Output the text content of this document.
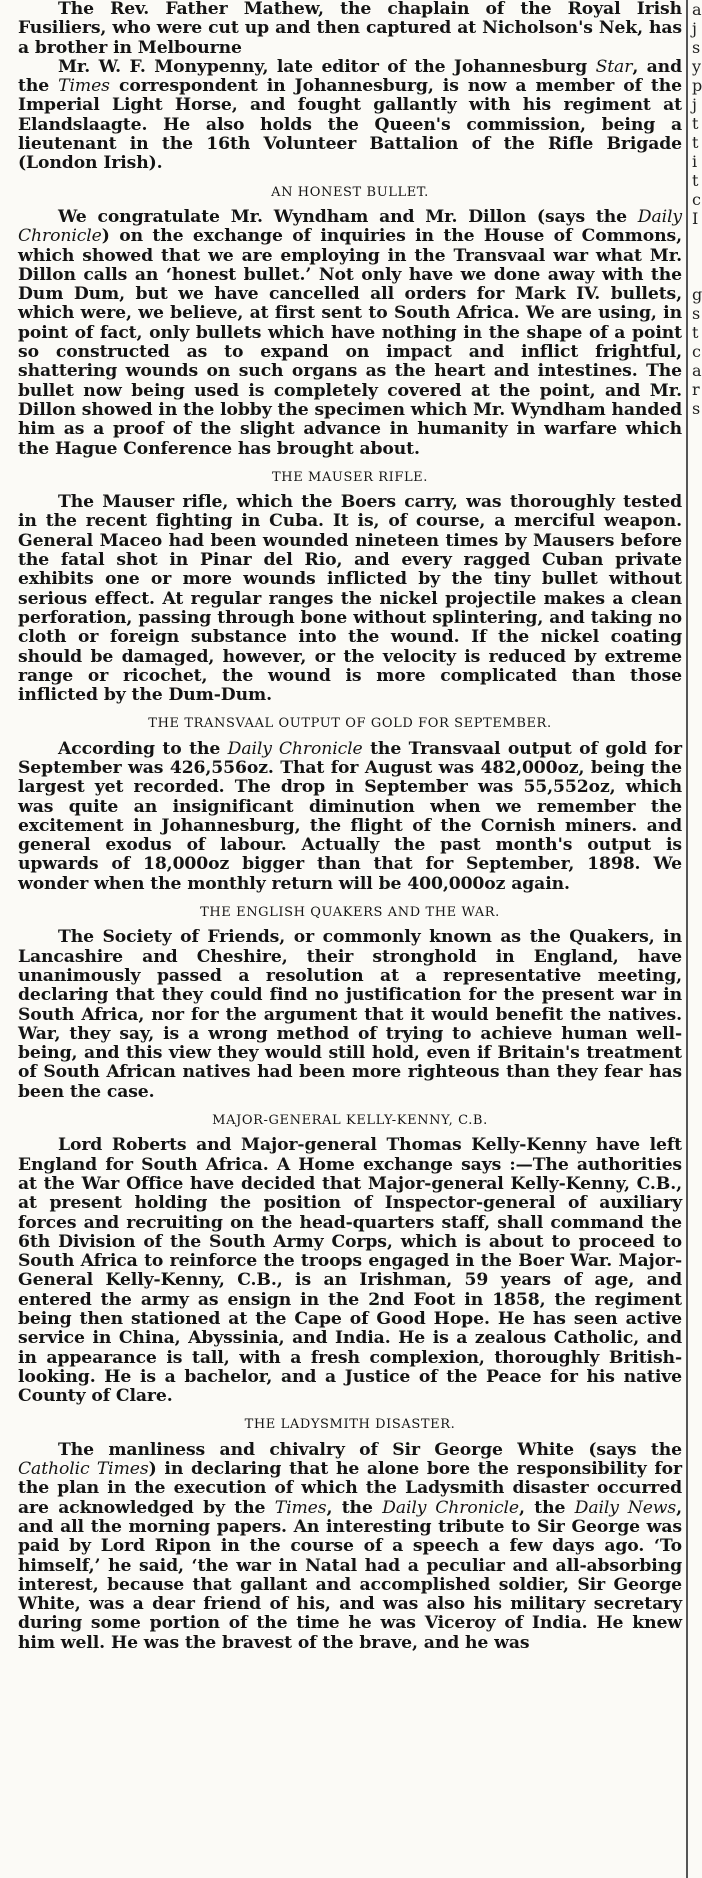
The Rev. Father Mathew, the chaplain of the Royal Irish Fusiliers, who were cut up and then captured at Nicholson's Nek, has a brother in Melbourne

Mr. W. F. Monypenny, late editor of the Johannesburg Star, and the Times correspondent in Johannesburg, is now a member of the Imperial Light Horse, and fought gallantly with his regiment at Elandslaagte. He also holds the Queen's commission, being a lieutenant in the 16th Volunteer Battalion of the Rifle Brigade (London Irish).

AN HONEST BULLET.

We congratulate Mr. Wyndham and Mr. Dillon (says the Daily Chronicle) on the exchange of inquiries in the House of Commons, which showed that we are employing in the Transvaal war what Mr. Dillon calls an ‘honest bullet.’ Not only have we done away with the Dum Dum, but we have cancelled all orders for Mark IV. bullets, which were, we believe, at first sent to South Africa. We are using, in point of fact, only bullets which have nothing in the shape of a point so constructed as to expand on impact and inflict frightful, shattering wounds on such organs as the heart and intestines. The bullet now being used is completely covered at the point, and Mr. Dillon showed in the lobby the specimen which Mr. Wyndham handed him as a proof of the slight advance in humanity in warfare which the Hague Conference has brought about.

THE MAUSER RIFLE.

The Mauser rifle, which the Boers carry, was thoroughly tested in the recent fighting in Cuba. It is, of course, a merciful weapon. General Maceo had been wounded nineteen times by Mausers before the fatal shot in Pinar del Rio, and every ragged Cuban private exhibits one or more wounds inflicted by the tiny bullet without serious effect. At regular ranges the nickel projectile makes a clean perforation, passing through bone without splintering, and taking no cloth or foreign substance into the wound. If the nickel coating should be damaged, however, or the velocity is reduced by extreme range or ricochet, the wound is more complicated than those inflicted by the Dum-Dum.

THE TRANSVAAL OUTPUT OF GOLD FOR SEPTEMBER.

According to the Daily Chronicle the Transvaal output of gold for September was 426,556oz. That for August was 482,000oz, being the largest yet recorded. The drop in September was 55,552oz, which was quite an insignificant diminution when we remember the excitement in Johannesburg, the flight of the Cornish miners. and general exodus of labour. Actually the past month's output is upwards of 18,000oz bigger than that for September, 1898. We wonder when the monthly return will be 400,000oz again.

THE ENGLISH QUAKERS AND THE WAR.

The Society of Friends, or commonly known as the Quakers, in Lancashire and Cheshire, their stronghold in England, have unanimously passed a resolution at a representative meeting, declaring that they could find no justification for the present war in South Africa, nor for the argument that it would benefit the natives. War, they say, is a wrong method of trying to achieve human well-being, and this view they would still hold, even if Britain's treatment of South African natives had been more righteous than they fear has been the case.

MAJOR-GENERAL KELLY-KENNY, C.B.

Lord Roberts and Major-general Thomas Kelly-Kenny have left England for South Africa. A Home exchange says :—The authorities at the War Office have decided that Major-general Kelly-Kenny, C.B., at present holding the position of Inspector-general of auxiliary forces and recruiting on the head-quarters staff, shall command the 6th Division of the South Army Corps, which is about to proceed to South Africa to reinforce the troops engaged in the Boer War. Major-General Kelly-Kenny, C.B., is an Irishman, 59 years of age, and entered the army as ensign in the 2nd Foot in 1858, the regiment being then stationed at the Cape of Good Hope. He has seen active service in China, Abyssinia, and India. He is a zealous Catholic, and in appearance is tall, with a fresh complexion, thoroughly British-looking. He is a bachelor, and a Justice of the Peace for his native County of Clare.

THE LADYSMITH DISASTER.

The manliness and chivalry of Sir George White (says the Catholic Times) in declaring that he alone bore the responsibility for the plan in the execution of which the Ladysmith disaster occurred are acknowledged by the Times, the Daily Chronicle, the Daily News, and all the morning papers. An interesting tribute to Sir George was paid by Lord Ripon in the course of a speech a few days ago. ‘To himself,’ he said, ‘the war in Natal had a peculiar and all-absorbing interest, because that gallant and accomplished soldier, Sir George White, was a dear friend of his, and was also his military secretary during some portion of the time he was Viceroy of India. He knew him well. He was the bravest of the brave, and he was

a
j
s
y
p
j
t
t
i
t
c
I

g
s
t
c
a
r
s
